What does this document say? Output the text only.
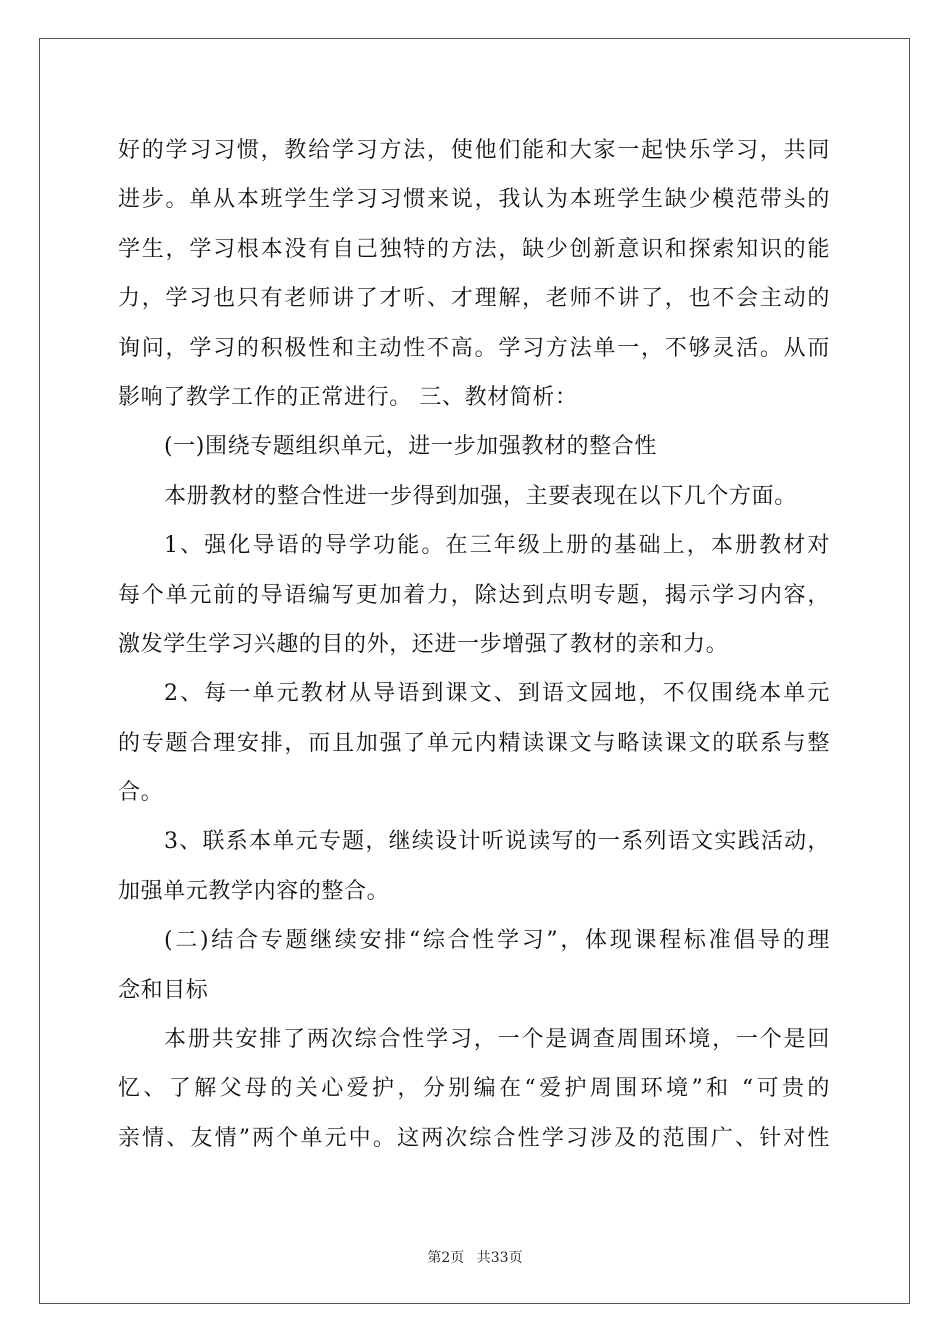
好的学习习惯，教给学习方法，使他们能和大家一起快乐学习，共同
进步。单从本班学生学习习惯来说，我认为本班学生缺少模范带头的
学生，学习根本没有自己独特的方法，缺少创新意识和探索知识的能
力，学习也只有老师讲了才听、才理解，老师不讲了，也不会主动的
询问，学习的积极性和主动性不高。学习方法单一，不够灵活。从而
影响了教学工作的正常进行。 三、教材简析：
(一)围绕专题组织单元，进一步加强教材的整合性
本册教材的整合性进一步得到加强，主要表现在以下几个方面。
1、强化导语的导学功能。在三年级上册的基础上，本册教材对
每个单元前的导语编写更加着力，除达到点明专题，揭示学习内容，
激发学生学习兴趣的目的外，还进一步增强了教材的亲和力。
2、每一单元教材从导语到课文、到语文园地，不仅围绕本单元
的专题合理安排，而且加强了单元内精读课文与略读课文的联系与整
合。
3、联系本单元专题，继续设计听说读写的一系列语文实践活动，
加强单元教学内容的整合。
(二)结合专题继续安排“综合性学习”，体现课程标准倡导的理
念和目标
本册共安排了两次综合性学习，一个是调查周围环境，一个是回
忆、了解父母的关心爱护，分别编在“爱护周围环境”和 “可贵的
亲情、友情”两个单元中。这两次综合性学习涉及的范围广、针对性
第2页 共33页
